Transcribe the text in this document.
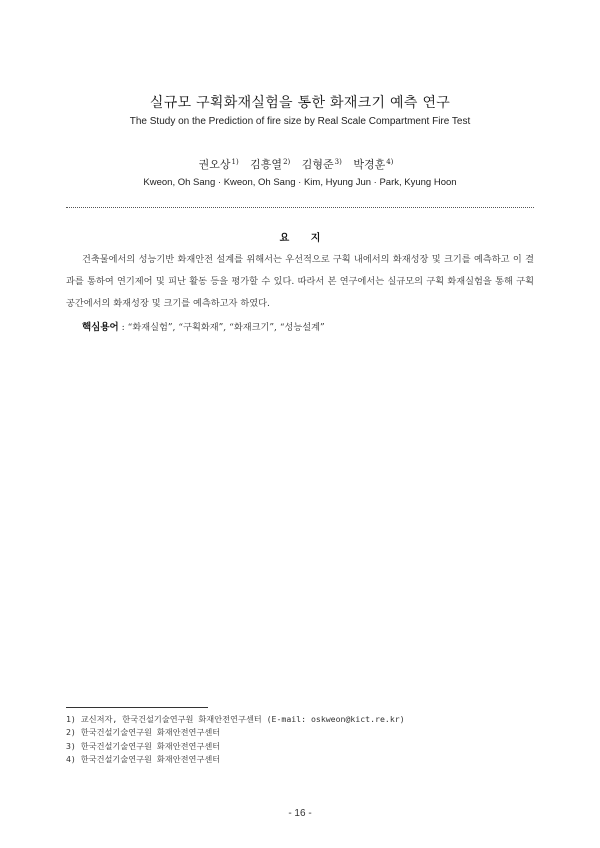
실규모 구획화재실험을 통한 화재크기 예측 연구
The Study on the Prediction of fire size by Real Scale Compartment Fire Test
권오상$^{1)}$ 김흥열$^{2)}$ 김형준$^{3)}$ 박경훈$^{4)}$
Kweon, Oh Sang · Kweon, Oh Sang · Kim, Hyung Jun · Park, Kyung Hoon
요 지

건축물에서의 성능기반 화재안전 설계를 위해서는 우선적으로 구획 내에서의 화재성장 및 크기를 예측하고 이 결과를 통하여 연기제어 및 피난 활동 등을 평가할 수 있다. 따라서 본 연구에서는 실규모의 구획 화재실험을 통해 구획 공간에서의 화재성장 및 크기를 예측하고자 하였다.

핵심용어 : “화재실험”, “구획화재”, “화재크기”, “성능설계”
1) 교신저자, 한국건설기술연구원 화재안전연구센터 (E-mail: oskweon@kict.re.kr)
2) 한국건설기술연구원 화재안전연구센터
3) 한국건설기술연구원 화재안전연구센터
4) 한국건설기술연구원 화재안전연구센터
- 16 -
